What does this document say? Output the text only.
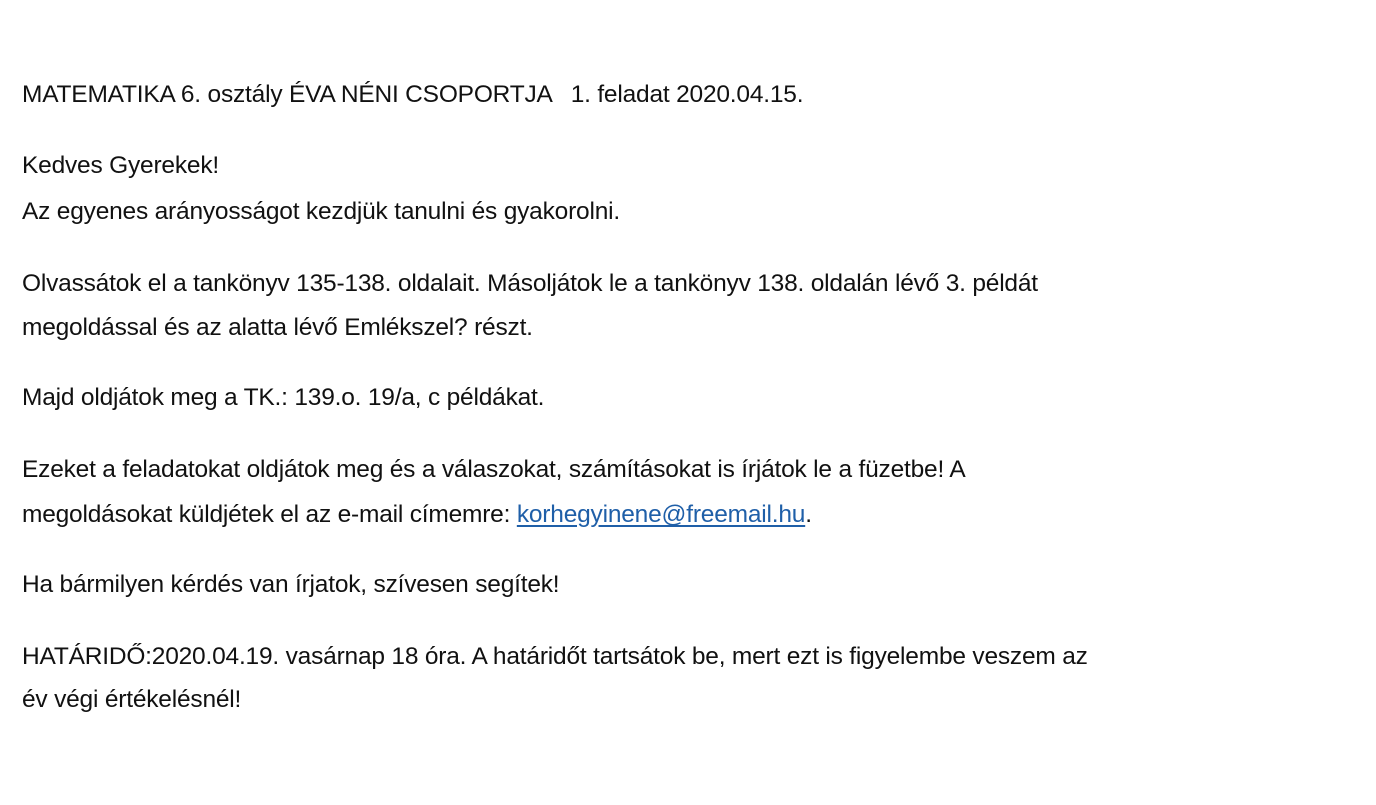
MATEMATIKA 6. osztály ÉVA NÉNI CSOPORTJA 1. feladat 2020.04.15.
Kedves Gyerekek!
Az egyenes arányosságot kezdjük tanulni és gyakorolni.
Olvassátok el a tankönyv 135-138. oldalait. Másoljátok le a tankönyv 138. oldalán lévő 3. példát
megoldással és az alatta lévő Emlékszel? részt.
Majd oldjátok meg a TK.: 139.o. 19/a, c példákat.
Ezeket a feladatokat oldjátok meg és a válaszokat, számításokat is írjátok le a füzetbe! A
megoldásokat küldjétek el az e-mail címemre: korhegyinene@freemail.hu.
Ha bármilyen kérdés van írjatok, szívesen segítek!
HATÁRIDŐ:2020.04.19. vasárnap 18 óra. A határidőt tartsátok be, mert ezt is figyelembe veszem az
év végi értékelésnél!
